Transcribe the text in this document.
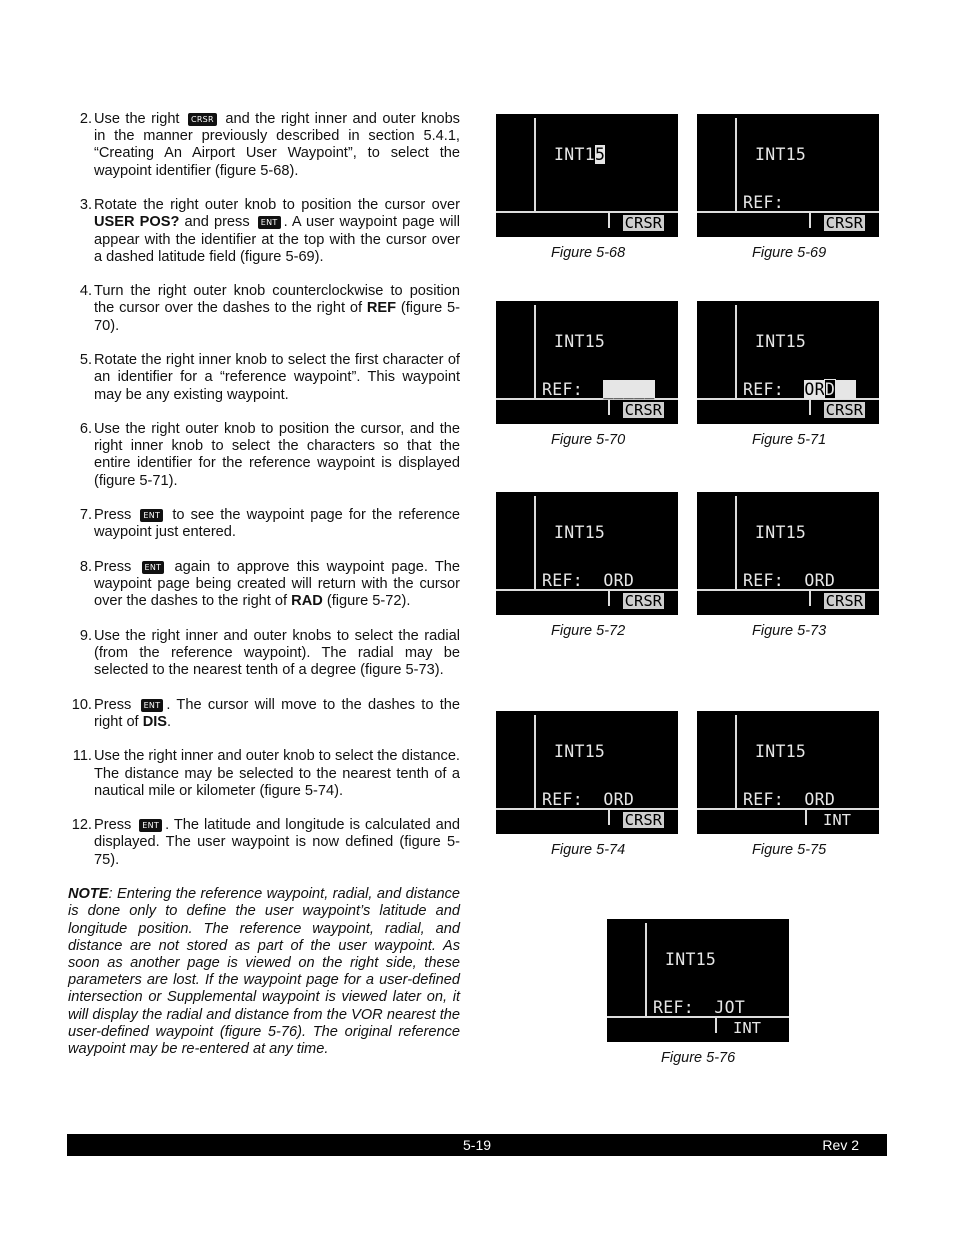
2. Use the right CRSR and the right inner and outer knobs in the manner previously described in section 5.4.1, “Creating An Airport User Waypoint”, to select the waypoint identifier (figure 5-68).
3. Rotate the right outer knob to position the cursor over USER POS? and press ENT . A user waypoint page will appear with the identifier at the top with the cursor over a dashed latitude field (figure 5-69).
4. Turn the right outer knob counterclockwise to position the cursor over the dashes to the right of REF (figure 5-70).
5. Rotate the right inner knob to select the first character of an identifier for a “reference waypoint”. This waypoint may be any existing waypoint.
6. Use the right outer knob to position the cursor, and the right inner knob to select the characters so that the entire identifier for the reference waypoint is displayed (figure 5-71).
7. Press ENT to see the waypoint page for the reference waypoint just entered.
8. Press ENT again to approve this waypoint page. The waypoint page being created will return with the cursor over the dashes to the right of RAD (figure 5-72).
9. Use the right inner and outer knobs to select the radial (from the reference waypoint). The radial may be selected to the nearest tenth of a degree (figure 5-73).
10. Press ENT . The cursor will move to the dashes to the right of DIS.
11. Use the right inner and outer knob to select the distance. The distance may be selected to the nearest tenth of a nautical mile or kilometer (figure 5-74).
12. Press ENT . The latitude and longitude is calculated and displayed. The user waypoint is now defined (figure 5-75).
NOTE: Entering the reference waypoint, radial, and distance is done only to define the user waypoint’s latitude and longitude position. The reference waypoint, radial, and distance are not stored as part of the user waypoint. As soon as another page is viewed on the right side, these parameters are lost. If the waypoint page for a user-defined intersection or Supplemental waypoint is viewed later on, it will display the radial and distance from the VOR nearest the user-defined waypoint (figure 5-76). The original reference waypoint may be re-entered at any time.

INT15

CRSR
Figure 5-68

INT15

REF:  _____

CRSR
Figure 5-69

INT15

REF:  _____

CRSR
Figure 5-70

INT15

REF:  ORD

CRSR
Figure 5-71

INT15

REF:  ORD

CRSR
Figure 5-72

INT15

REF:  ORD

CRSR
Figure 5-73

INT15

REF:  ORD

CRSR
Figure 5-74

INT15

REF:  ORD

INT
Figure 5-75

INT15

REF:  JOT

INT
Figure 5-76
5-19	Rev 2
